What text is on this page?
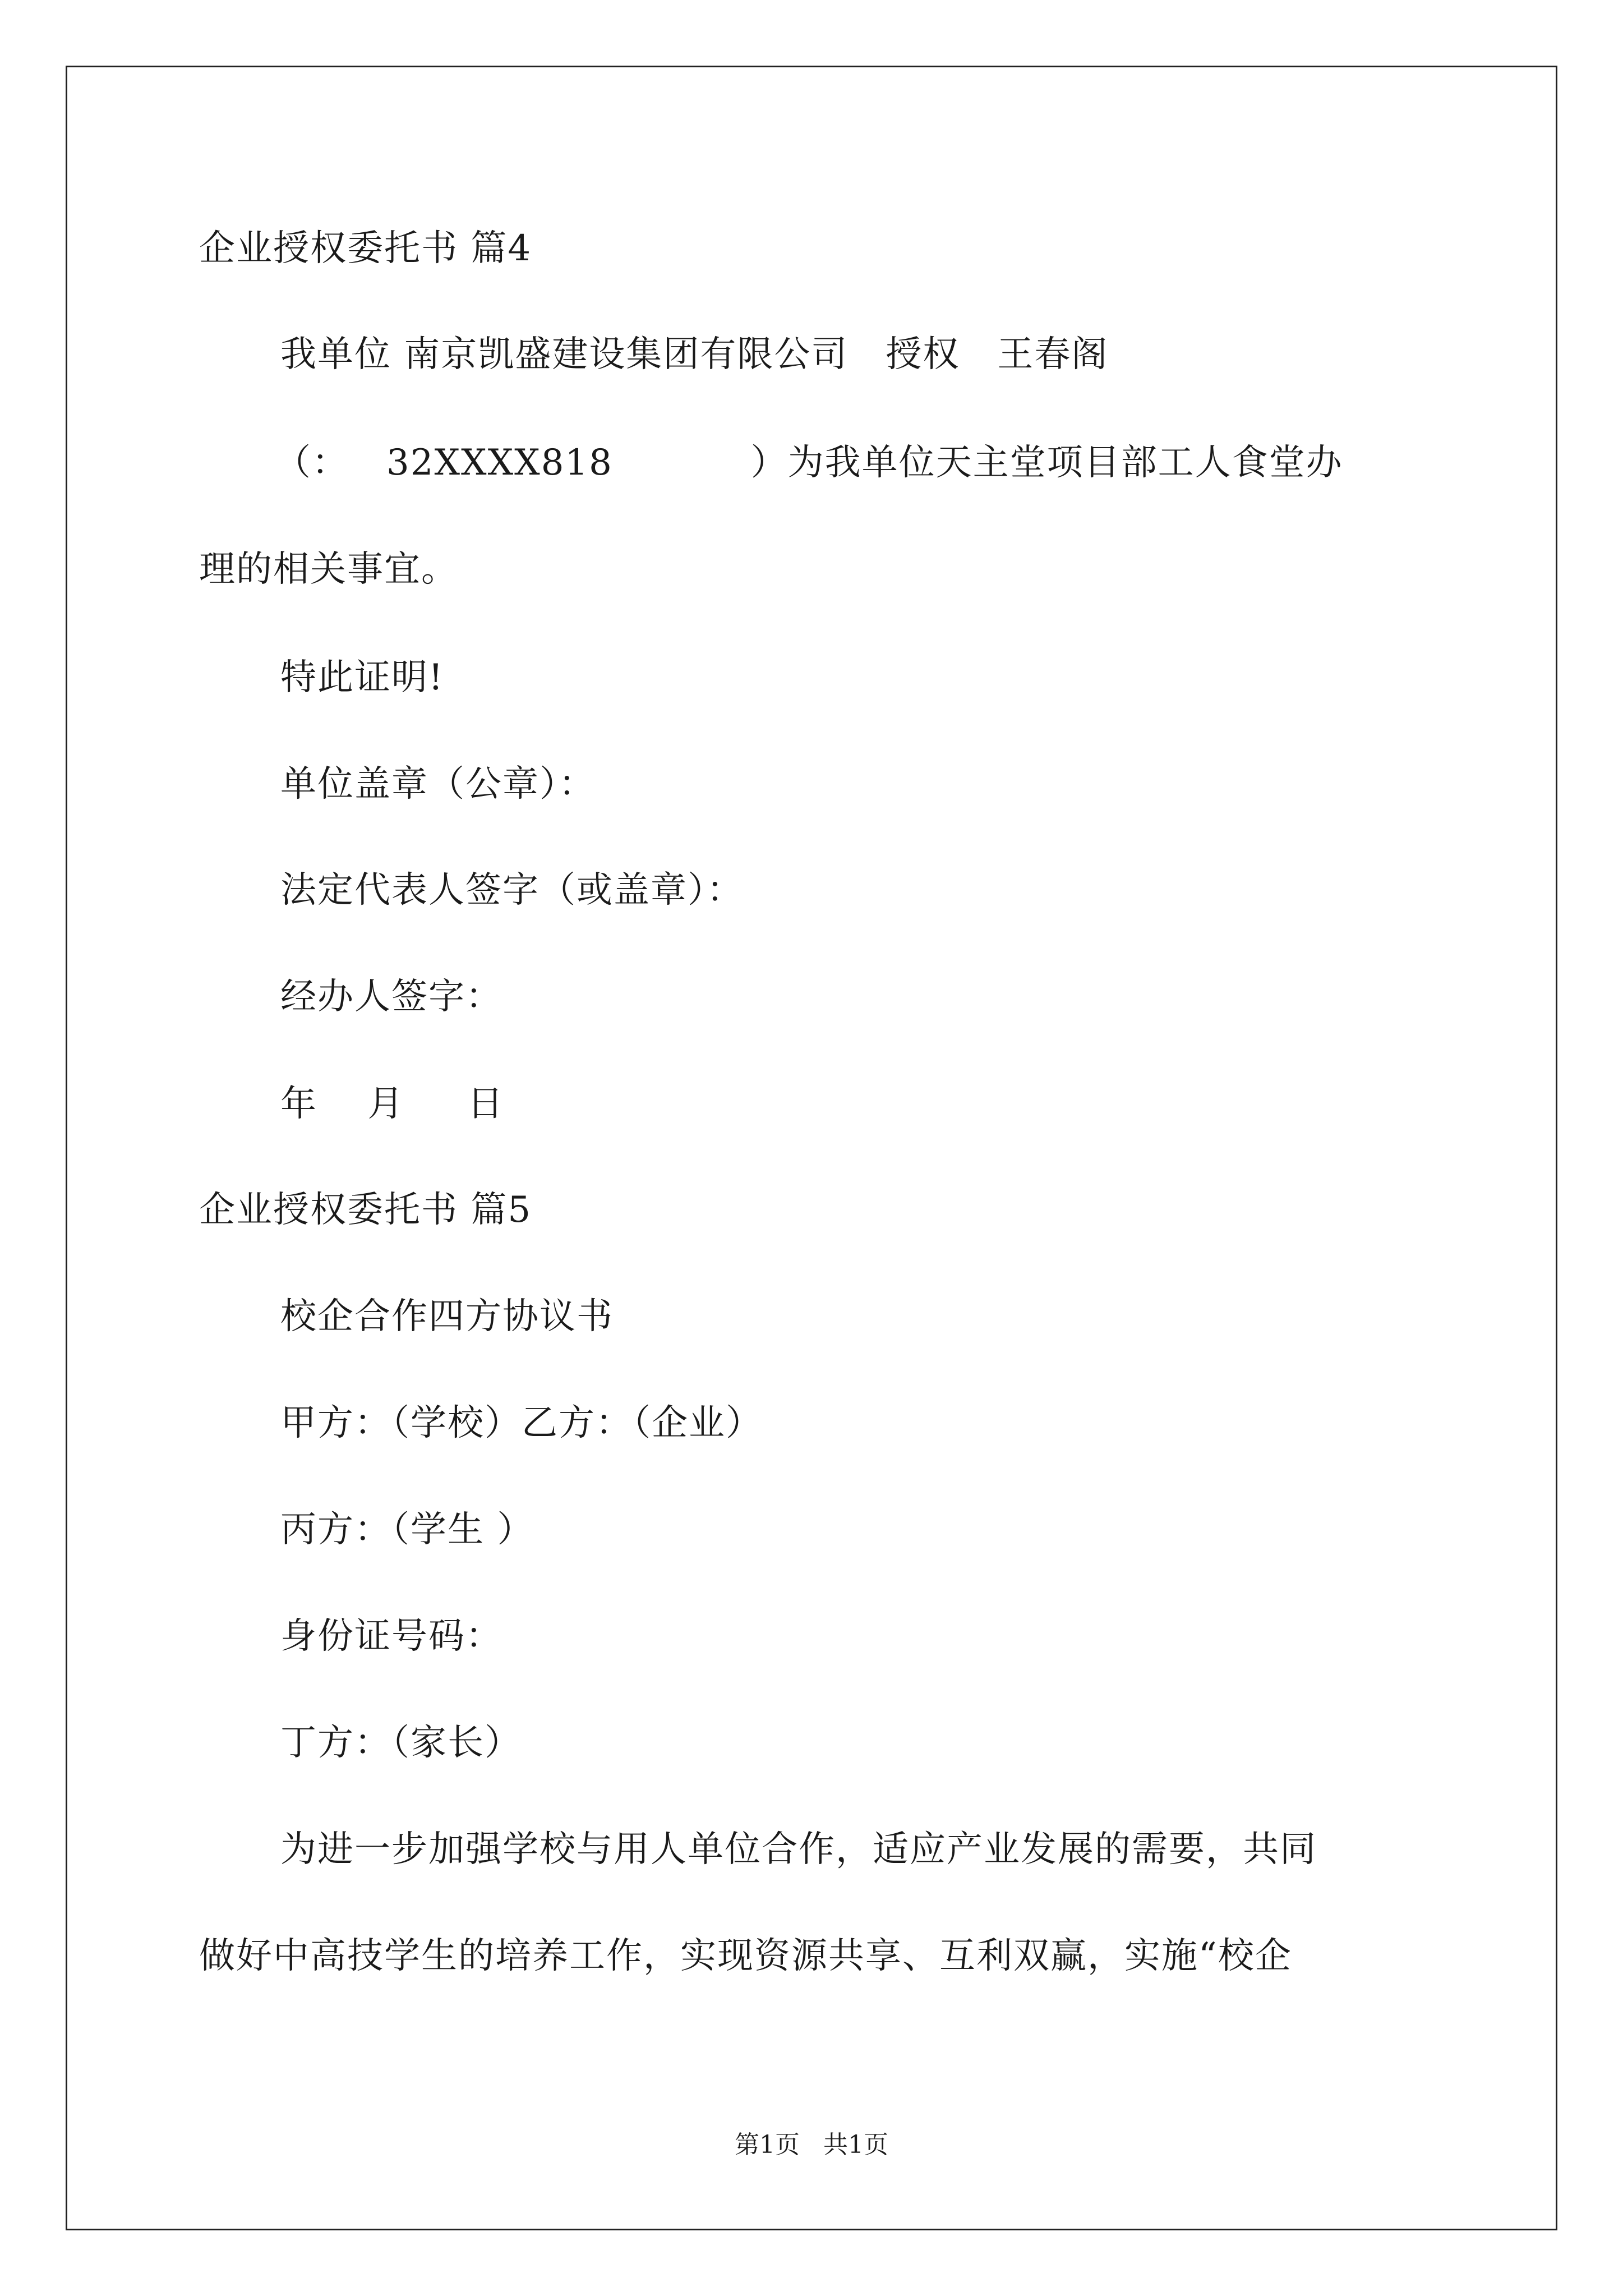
企业授权委托书 篇4
我单位 南京凯盛建设集团有限公司   授权   王春阁
（：   32XXXX818           ）为我单位天主堂项目部工人食堂办
理的相关事宜。
特此证明!
单位盖章（公章）：
法定代表人签字（或盖章）：
经办人签字：
年    月     日
企业授权委托书 篇5
校企合作四方协议书
甲方：（学校）乙方：（企业）
丙方：（学生 ）
身份证号码：
丁方：（家长）
为进一步加强学校与用人单位合作，适应产业发展的需要，共同
做好中高技学生的培养工作，实现资源共享、互利双赢，实施“校企
第1页   共1页
